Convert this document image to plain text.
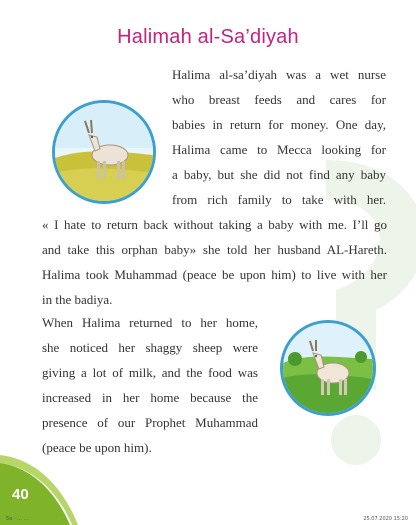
Halimah al-Sa’diyah
Halima al-sa’diyah was a wet nurse
who breast feeds and cares for
babies in return for money. One day,
Halima came to Mecca looking for
a baby, but she did not find any baby
from rich family to take with her.
« I hate to return back without taking a baby with me. I’ll go
and take this orphan baby» she told her husband AL-Hareth.
Halima took Muhammad (peace be upon him) to live with her
in the badiya.
When Halima returned to her home,
she noticed her shaggy sheep were
giving a lot of milk, and the food was
increased in her home because the
presence of our Prophet Muhammad
(peace be upon him).
40
5a - ... ...	25.07.2020 15:20
